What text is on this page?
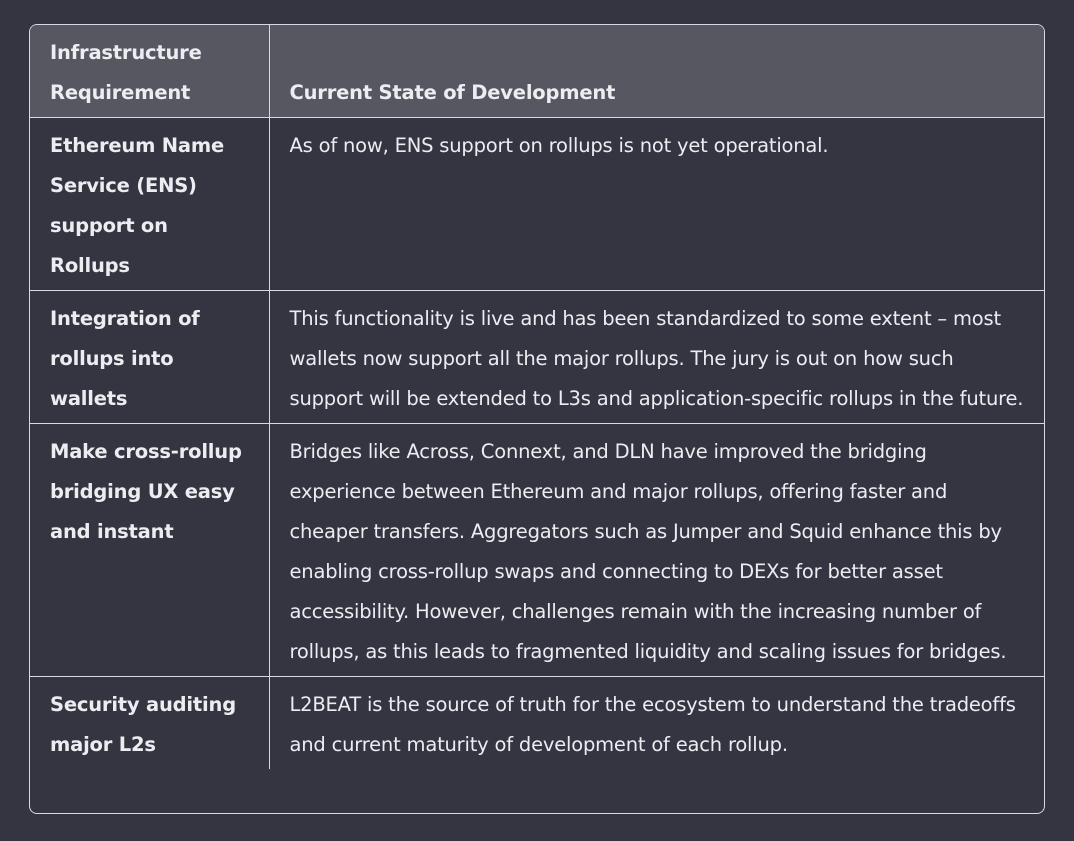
Infrastructure Requirement	Current State of Development
Ethereum Name Service (ENS) support on Rollups	As of now, ENS support on rollups is not yet operational.
Integration of rollups into wallets	This functionality is live and has been standardized to some extent – most wallets now support all the major rollups. The jury is out on how such support will be extended to L3s and application-specific rollups in the future.
Make cross-rollup bridging UX easy and instant	Bridges like Across, Connext, and DLN have improved the bridging experience between Ethereum and major rollups, offering faster and cheaper transfers. Aggregators such as Jumper and Squid enhance this by enabling cross-rollup swaps and connecting to DEXs for better asset accessibility. However, challenges remain with the increasing number of rollups, as this leads to fragmented liquidity and scaling issues for bridges.
Security auditing major L2s	L2BEAT is the source of truth for the ecosystem to understand the tradeoffs and current maturity of development of each rollup.
